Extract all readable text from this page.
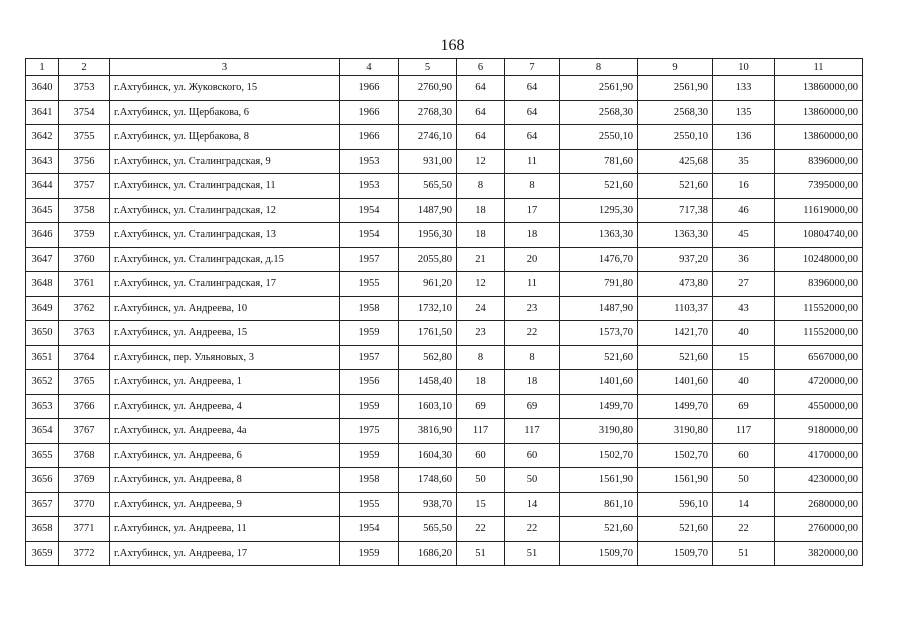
168
1	2	3	4	5	6	7	8	9	10	11
3640	3753	г.Ахтубинск, ул. Жуковского, 15	1966	2760,90	64	64	2561,90	2561,90	133	13860000,00
3641	3754	г.Ахтубинск, ул. Щербакова, 6	1966	2768,30	64	64	2568,30	2568,30	135	13860000,00
3642	3755	г.Ахтубинск, ул. Щербакова, 8	1966	2746,10	64	64	2550,10	2550,10	136	13860000,00
3643	3756	г.Ахтубинск, ул. Сталинградская, 9	1953	931,00	12	11	781,60	425,68	35	8396000,00
3644	3757	г.Ахтубинск, ул. Сталинградская, 11	1953	565,50	8	8	521,60	521,60	16	7395000,00
3645	3758	г.Ахтубинск, ул. Сталинградская, 12	1954	1487,90	18	17	1295,30	717,38	46	11619000,00
3646	3759	г.Ахтубинск, ул. Сталинградская, 13	1954	1956,30	18	18	1363,30	1363,30	45	10804740,00
3647	3760	г.Ахтубинск, ул. Сталинградская, д.15	1957	2055,80	21	20	1476,70	937,20	36	10248000,00
3648	3761	г.Ахтубинск, ул. Сталинградская, 17	1955	961,20	12	11	791,80	473,80	27	8396000,00
3649	3762	г.Ахтубинск, ул. Андреева, 10	1958	1732,10	24	23	1487,90	1103,37	43	11552000,00
3650	3763	г.Ахтубинск, ул. Андреева, 15	1959	1761,50	23	22	1573,70	1421,70	40	11552000,00
3651	3764	г.Ахтубинск, пер. Ульяновых, 3	1957	562,80	8	8	521,60	521,60	15	6567000,00
3652	3765	г.Ахтубинск, ул. Андреева, 1	1956	1458,40	18	18	1401,60	1401,60	40	4720000,00
3653	3766	г.Ахтубинск, ул. Андреева, 4	1959	1603,10	69	69	1499,70	1499,70	69	4550000,00
3654	3767	г.Ахтубинск, ул. Андреева, 4а	1975	3816,90	117	117	3190,80	3190,80	117	9180000,00
3655	3768	г.Ахтубинск, ул. Андреева, 6	1959	1604,30	60	60	1502,70	1502,70	60	4170000,00
3656	3769	г.Ахтубинск, ул. Андреева, 8	1958	1748,60	50	50	1561,90	1561,90	50	4230000,00
3657	3770	г.Ахтубинск, ул. Андреева, 9	1955	938,70	15	14	861,10	596,10	14	2680000,00
3658	3771	г.Ахтубинск, ул. Андреева, 11	1954	565,50	22	22	521,60	521,60	22	2760000,00
3659	3772	г.Ахтубинск, ул. Андреева, 17	1959	1686,20	51	51	1509,70	1509,70	51	3820000,00
